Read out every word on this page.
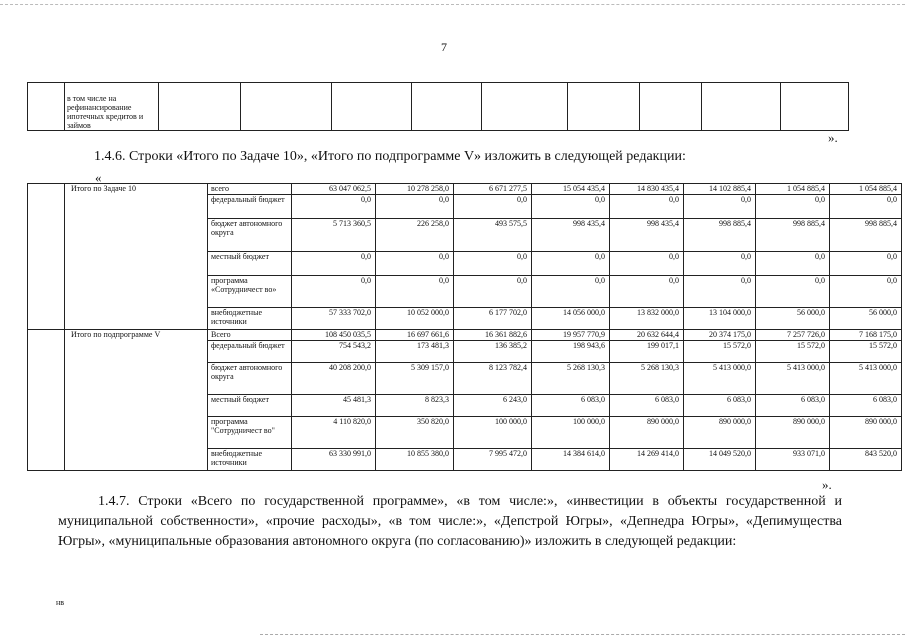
7
	в том числе на рефинансирование ипотечных кредитов и займов									
».
1.4.6. Строки «Итого по Задаче 10», «Итого по подпрограмме V» изложить в следующей редакции:
«
	Итого по Задаче 10	всего	63 047 062,5	10 278 258,0	6 671 277,5	15 054 435,4	14 830 435,4	14 102 885,4	1 054 885,4	1 054 885,4
		федеральный бюджет	0,0	0,0	0,0	0,0	0,0	0,0	0,0	0,0
		бюджет автономного округа	5 713 360,5	226 258,0	493 575,5	998 435,4	998 435,4	998 885,4	998 885,4	998 885,4
		местный бюджет	0,0	0,0	0,0	0,0	0,0	0,0	0,0	0,0
		программа «Сотрудничест во»	0,0	0,0	0,0	0,0	0,0	0,0	0,0	0,0
		внебюджетные источники	57 333 702,0	10 052 000,0	6 177 702,0	14 056 000,0	13 832 000,0	13 104 000,0	56 000,0	56 000,0
	Итого по подпрограмме V	Всего	108 450 035,5	16 697 661,6	16 361 882,6	19 957 770,9	20 632 644,4	20 374 175,0	7 257 726,0	7 168 175,0
		федеральный бюджет	754 543,2	173 481,3	136 385,2	198 943,6	199 017,1	15 572,0	15 572,0	15 572,0
		бюджет автономного округа	40 208 200,0	5 309 157,0	8 123 782,4	5 268 130,3	5 268 130,3	5 413 000,0	5 413 000,0	5 413 000,0
		местный бюджет	45 481,3	8 823,3	6 243,0	6 083,0	6 083,0	6 083,0	6 083,0	6 083,0
		программа "Сотрудничест во"	4 110 820,0	350 820,0	100 000,0	100 000,0	890 000,0	890 000,0	890 000,0	890 000,0
		внебюджетные источники	63 330 991,0	10 855 380,0	7 995 472,0	14 384 614,0	14 269 414,0	14 049 520,0	933 071,0	843 520,0
».

1.4.7. Строки «Всего по государственной программе», «в том числе:», «инвестиции в объекты государственной и муниципальной собственности», «прочие расходы», «в том числе:», «Депстрой Югры», «Депнедра Югры», «Депимущества Югры», «муниципальные образования автономного округа (по согласованию)» изложить в следующей редакции:

нв
